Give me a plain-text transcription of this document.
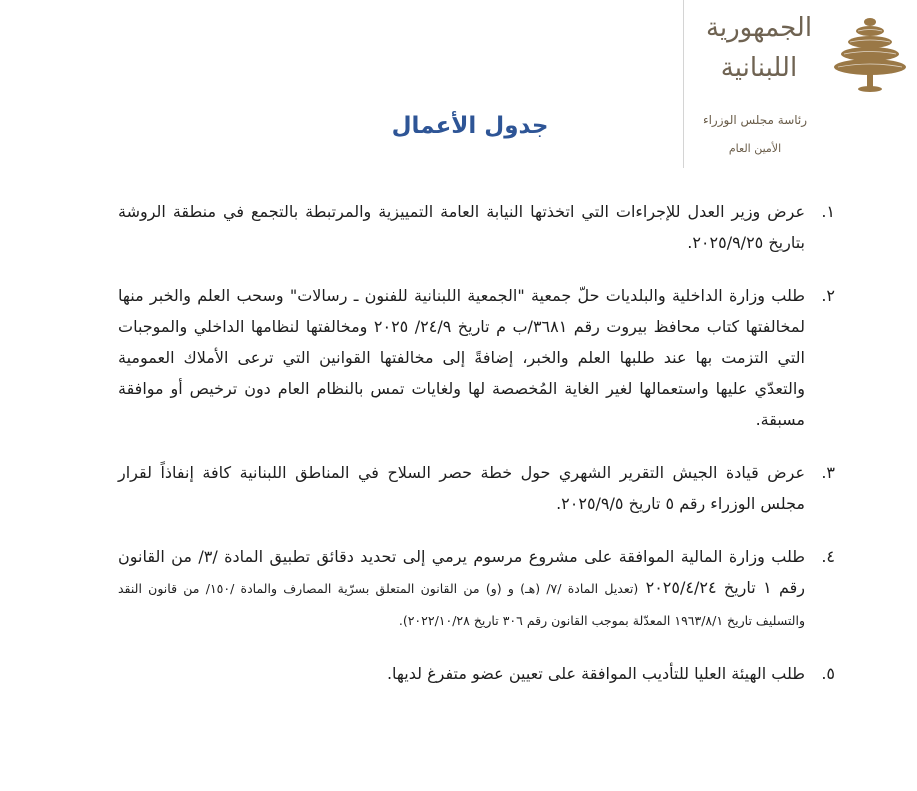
الجمهورية
اللبنانية
رئاسة مجلس الوزراء
الأمين العام
جدول الأعمال
١.
عرض وزير العدل للإجراءات التي اتخذتها النيابة العامة التمييزية والمرتبطة بالتجمع في منطقة الروشة بتاريخ ٢٠٢٥/٩/٢٥.
٢.
طلب وزارة الداخلية والبلديات حلّ جمعية "الجمعية اللبنانية للفنون ـ رسالات" وسحب العلم والخبر منها لمخالفتها كتاب محافظ بيروت رقم ٣٦٨١/ب م تاريخ ٢٤/٩/ ٢٠٢٥ ومخالفتها لنظامها الداخلي والموجبات التي التزمت بها عند طلبها العلم والخبر، إضافةً إلى مخالفتها القوانين التي ترعى الأملاك العمومية والتعدّي عليها واستعمالها لغير الغاية المُخصصة لها ولغايات تمس بالنظام العام دون ترخيص أو موافقة مسبقة.
٣.
عرض قيادة الجيش التقرير الشهري حول خطة حصر السلاح في المناطق اللبنانية كافة إنفاذاً لقرار مجلس الوزراء رقم ٥ تاريخ ٢٠٢٥/٩/٥.
٤.
طلب وزارة المالية الموافقة على مشروع مرسوم يرمي إلى تحديد دقائق تطبيق المادة /٣/ من القانون رقم ١ تاريخ ٢٠٢٥/٤/٢٤ (تعديل المادة /٧/ (هـ) و (و) من القانون المتعلق بسرّية المصارف والمادة /١٥٠/ من قانون النقد والتسليف تاريخ ١٩٦٣/٨/١ المعدّلة بموجب القانون رقم ٣٠٦ تاريخ ٢٠٢٢/١٠/٢٨).
٥.
طلب الهيئة العليا للتأديب الموافقة على تعيين عضو متفرغ لديها.
